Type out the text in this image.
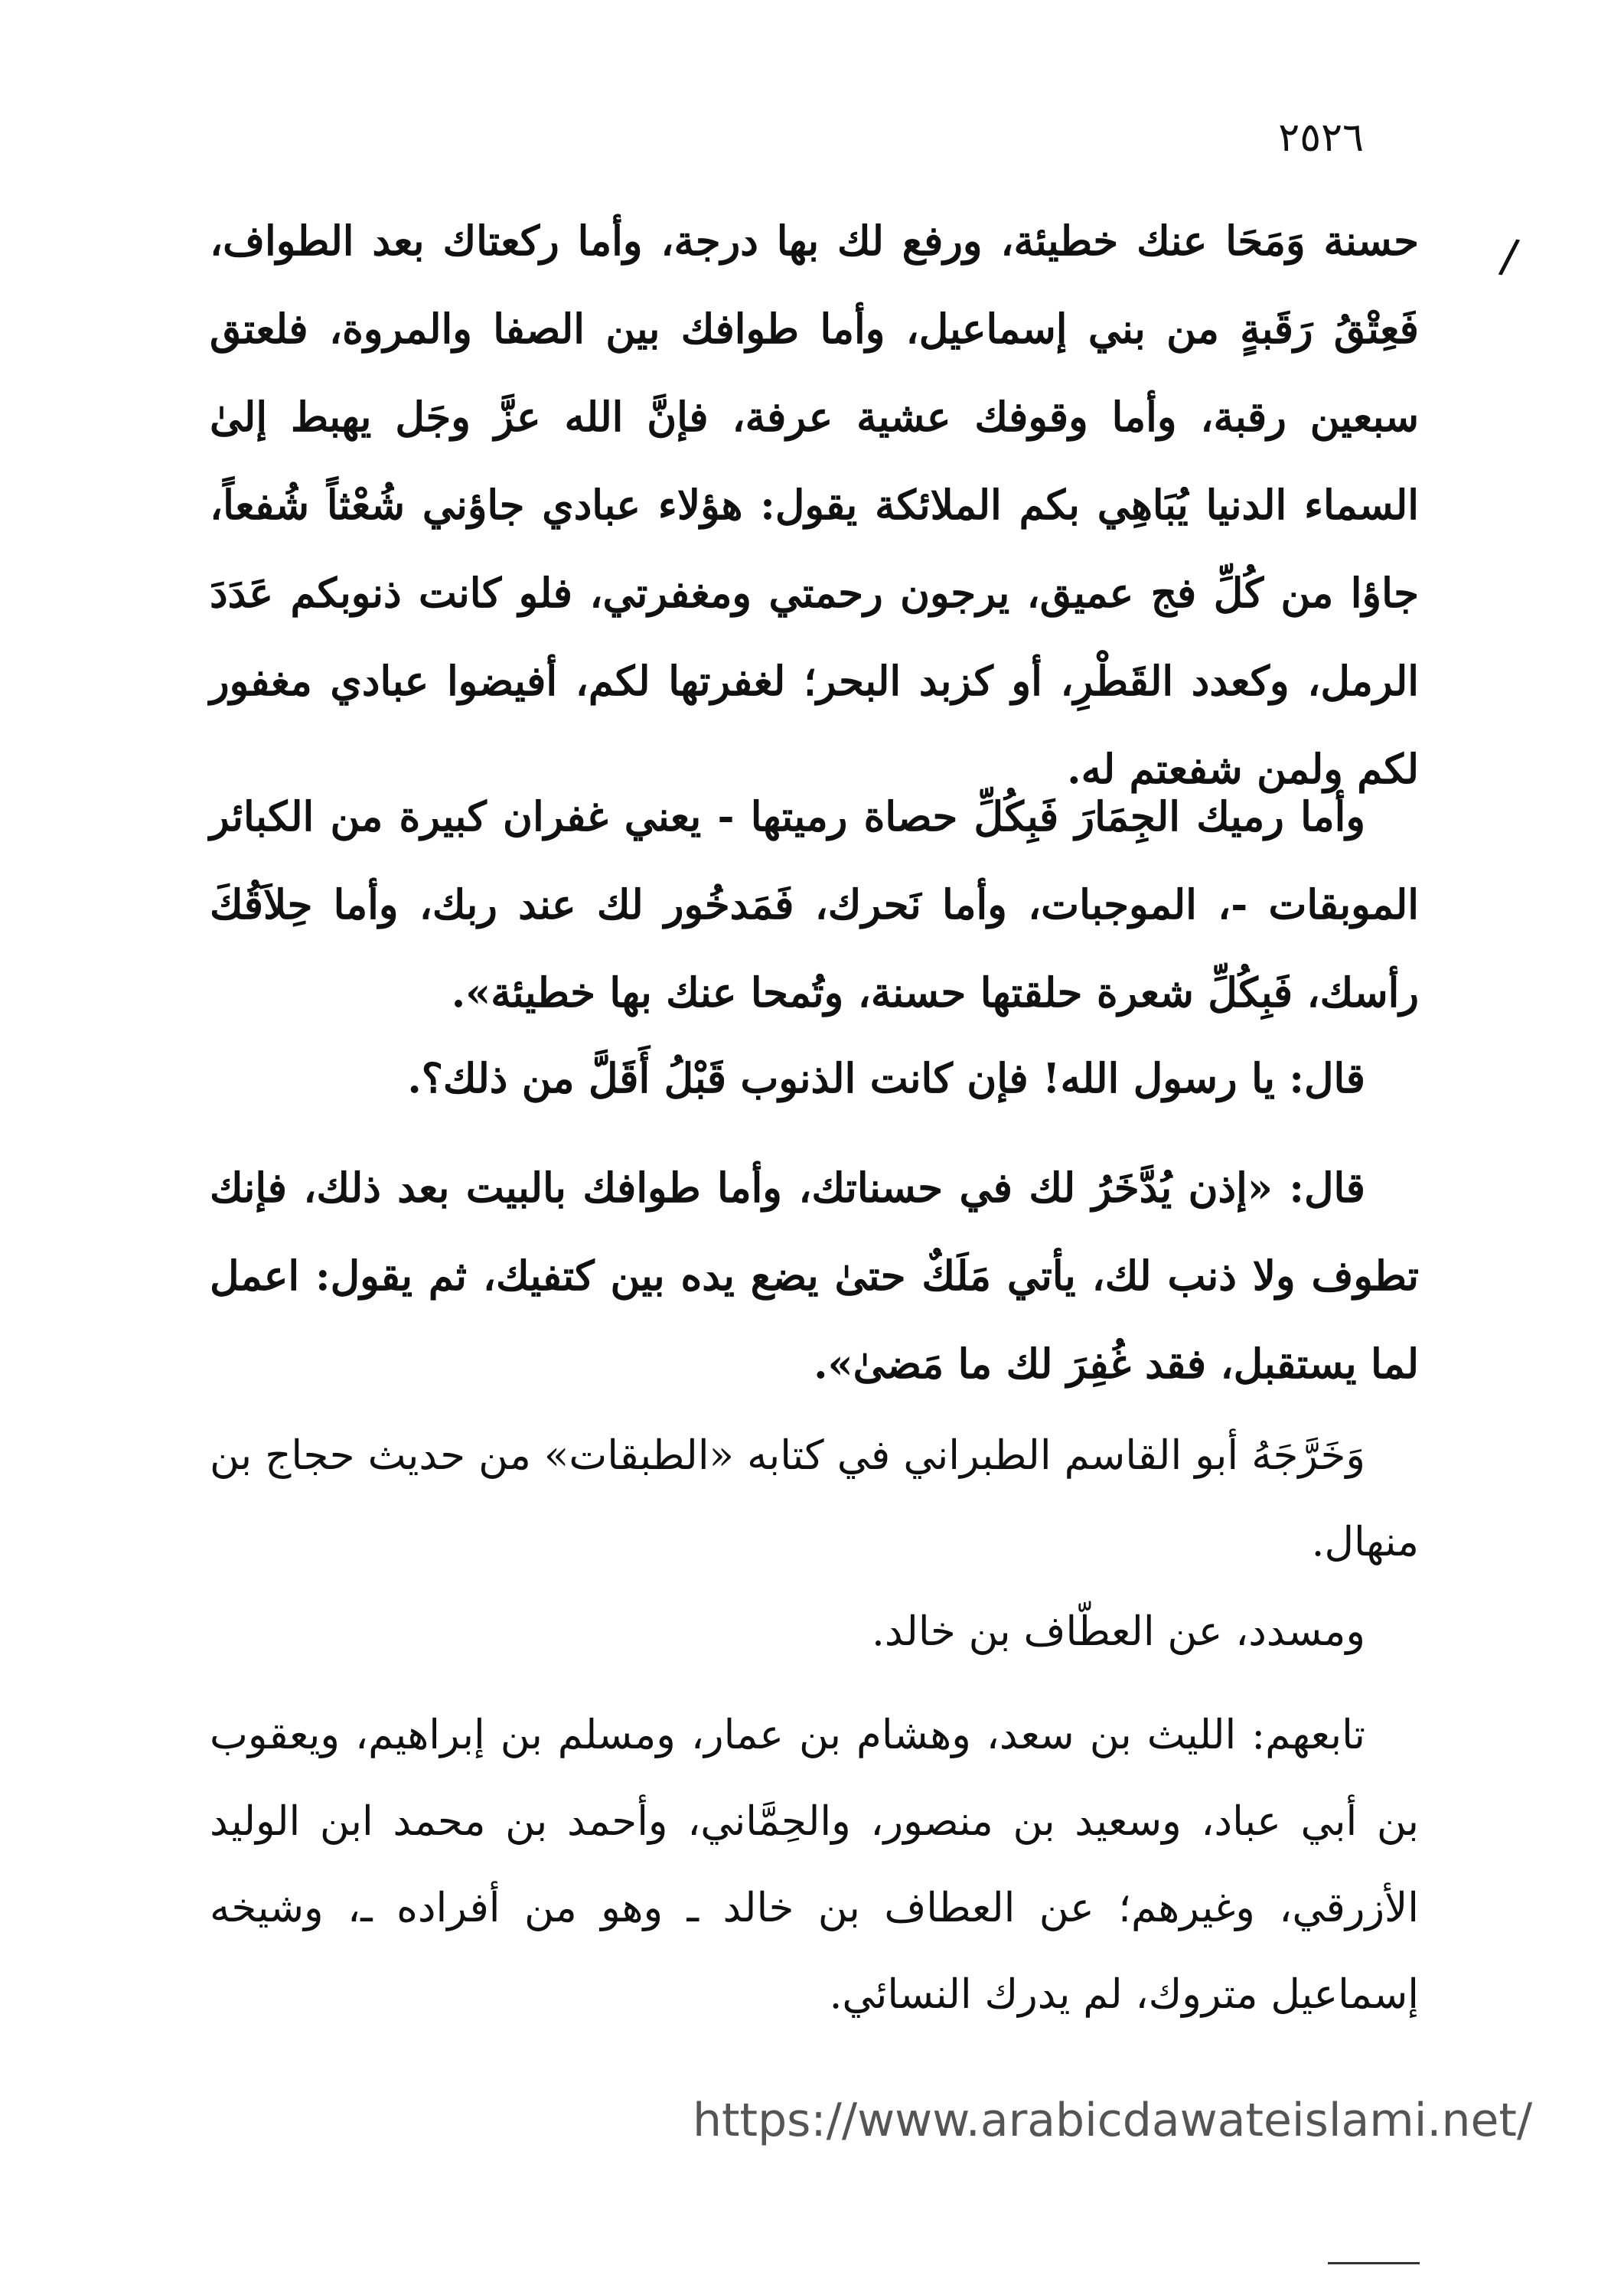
٢٥٢٦
/

حسنة وَمَحَا عنك خطيئة، ورفع لك بها درجة، وأما ركعتاك بعد الطواف، فَعِتْقُ رَقَبةٍ من بني إسماعيل، وأما طوافك بين الصفا والمروة، فلعتق سبعين رقبة، وأما وقوفك عشية عرفة، فإنَّ الله عزَّ وجَل يهبط إلىٰ السماء الدنيا يُبَاهِي بكم الملائكة يقول: هؤلاء عبادي جاؤني شُعْثاً شُفعاً، جاؤا من كُلِّ فج عميق، يرجون رحمتي ومغفرتي، فلو كانت ذنوبكم عَدَدَ الرمل، وكعدد القَطْرِ، أو كزبد البحر؛ لغفرتها لكم، أفيضوا عبادي مغفور لكم ولمن شفعتم له.

وأما رميك الجِمَارَ فَبِكُلِّ حصاة رميتها - يعني غفران كبيرة من الكبائر الموبقات -، الموجبات، وأما نَحرك، فَمَدخُور لك عند ربك، وأما حِلاَقُكَ رأسك، فَبِكُلِّ شعرة حلقتها حسنة، وتُمحا عنك بها خطيئة».

قال: يا رسول الله! فإن كانت الذنوب قَبْلُ أَقَلَّ من ذلك؟.

قال: «إذن يُدَّخَرُ لك في حسناتك، وأما طوافك بالبيت بعد ذلك، فإنك تطوف ولا ذنب لك، يأتي مَلَكٌ حتىٰ يضع يده بين كتفيك، ثم يقول: اعمل لما يستقبل، فقد غُفِرَ لك ما مَضىٰ».

وَخَرَّجَهُ أبو القاسم الطبراني في كتابه «الطبقات» من حديث حجاج بن منهال.

ومسدد، عن العطّاف بن خالد.

تابعهم: الليث بن سعد، وهشام بن عمار، ومسلم بن إبراهيم، ويعقوب بن أبي عباد، وسعيد بن منصور، والحِمَّاني، وأحمد بن محمد ابن الوليد الأزرقي، وغيرهم؛ عن العطاف بن خالد ـ وهو من أفراده ـ، وشيخه إسماعيل متروك، لم يدرك النسائي.

https://www.arabicdawateislami.net/
